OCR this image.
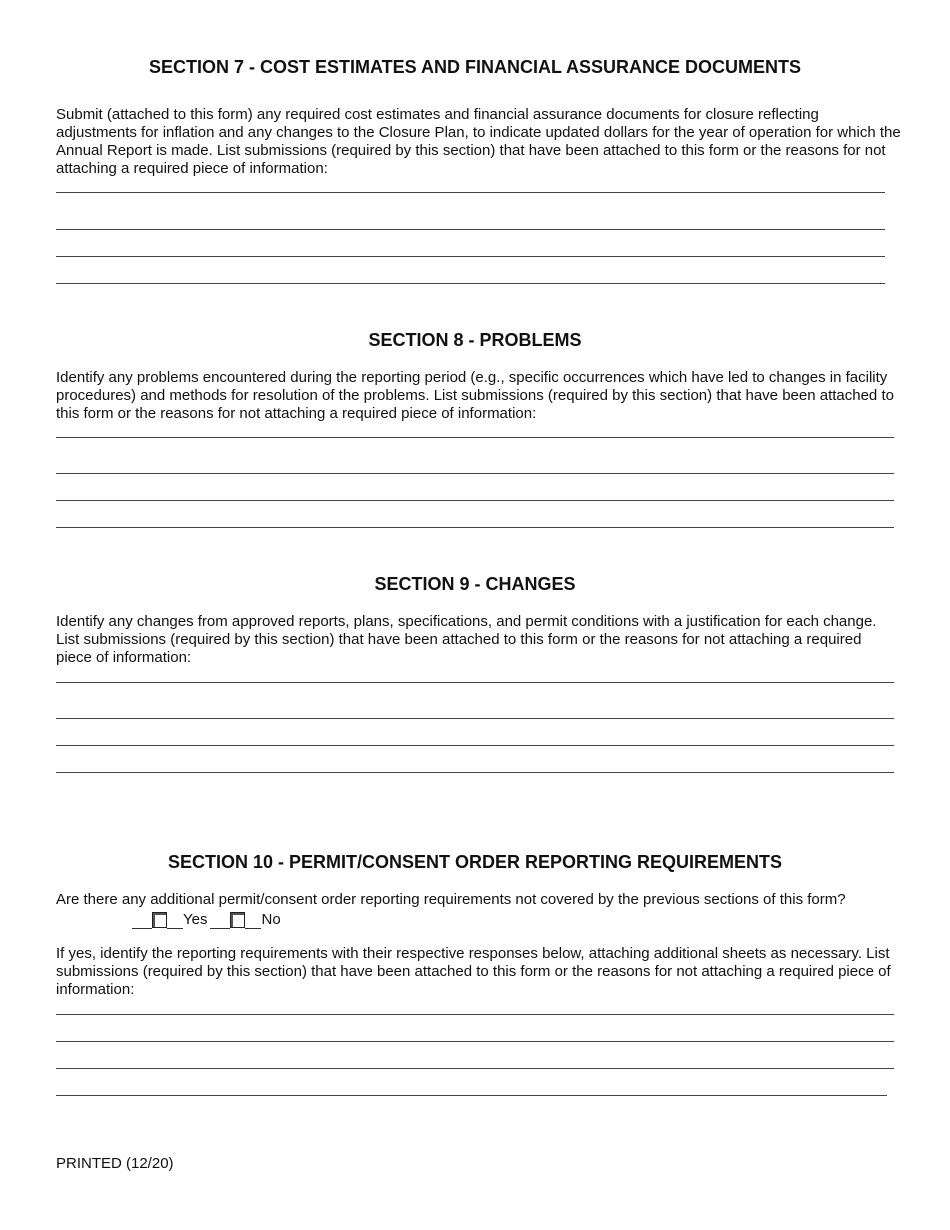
SECTION 7 - COST ESTIMATES AND FINANCIAL ASSURANCE DOCUMENTS
Submit (attached to this form) any required cost estimates and financial assurance documents for closure reflecting adjustments for inflation and any changes to the Closure Plan, to indicate updated dollars for the year of operation for which the Annual Report is made. List submissions (required by this section) that have been attached to this form or the reasons for not attaching a required piece of information:
SECTION 8 - PROBLEMS
Identify any problems encountered during the reporting period (e.g., specific occurrences which have led to changes in facility procedures) and methods for resolution of the problems. List submissions (required by this section) that have been attached to this form or the reasons for not attaching a required piece of information:
SECTION 9 - CHANGES
Identify any changes from approved reports, plans, specifications, and permit conditions with a justification for each change. List submissions (required by this section) that have been attached to this form or the reasons for not attaching a required piece of information:
SECTION 10 - PERMIT/CONSENT ORDER REPORTING REQUIREMENTS
Are there any additional permit/consent order reporting requirements not covered by the previous sections of this form?
Yes	No
If yes, identify the reporting requirements with their respective responses below, attaching additional sheets as necessary. List submissions (required by this section) that have been attached to this form or the reasons for not attaching a required piece of information:
PRINTED (12/20)
